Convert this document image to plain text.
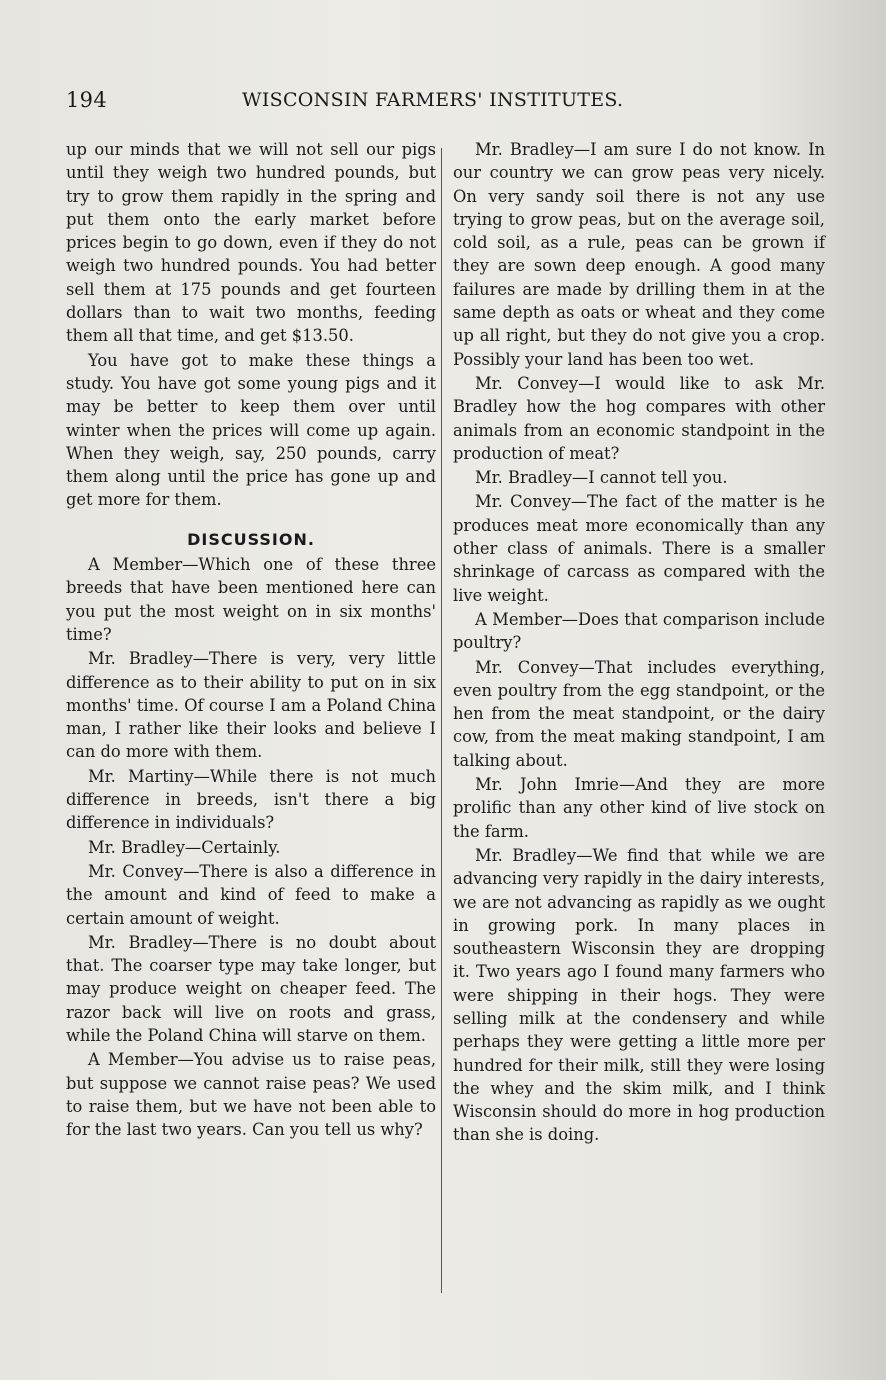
194	WISCONSIN FARMERS' INSTITUTES.

up our minds that we will not sell our pigs until they weigh two hundred pounds, but try to grow them rapidly in the spring and put them onto the early market before prices begin to go down, even if they do not weigh two hundred pounds. You had better sell them at 175 pounds and get fourteen dollars than to wait two months, feeding them all that time, and get $13.50.

You have got to make these things a study. You have got some young pigs and it may be better to keep them over until winter when the prices will come up again. When they weigh, say, 250 pounds, carry them along until the price has gone up and get more for them.

DISCUSSION.

A Member—Which one of these three breeds that have been mentioned here can you put the most weight on in six months' time?

Mr. Bradley—There is very, very little difference as to their ability to put on in six months' time. Of course I am a Poland China man, I rather like their looks and believe I can do more with them.

Mr. Martiny—While there is not much difference in breeds, isn't there a big difference in individuals?

Mr. Bradley—Certainly.

Mr. Convey—There is also a difference in the amount and kind of feed to make a certain amount of weight.

Mr. Bradley—There is no doubt about that. The coarser type may take longer, but may produce weight on cheaper feed. The razor back will live on roots and grass, while the Poland China will starve on them.

A Member—You advise us to raise peas, but suppose we cannot raise peas? We used to raise them, but we have not been able to for the last two years. Can you tell us why?

Mr. Bradley—I am sure I do not know. In our country we can grow peas very nicely. On very sandy soil there is not any use trying to grow peas, but on the average soil, cold soil, as a rule, peas can be grown if they are sown deep enough. A good many failures are made by drilling them in at the same depth as oats or wheat and they come up all right, but they do not give you a crop. Possibly your land has been too wet.

Mr. Convey—I would like to ask Mr. Bradley how the hog compares with other animals from an economic standpoint in the production of meat?

Mr. Bradley—I cannot tell you.

Mr. Convey—The fact of the matter is he produces meat more economically than any other class of animals. There is a smaller shrinkage of carcass as compared with the live weight.

A Member—Does that comparison include poultry?

Mr. Convey—That includes everything, even poultry from the egg standpoint, or the hen from the meat standpoint, or the dairy cow, from the meat making standpoint, I am talking about.

Mr. John Imrie—And they are more prolific than any other kind of live stock on the farm.

Mr. Bradley—We find that while we are advancing very rapidly in the dairy interests, we are not advancing as rapidly as we ought in growing pork. In many places in southeastern Wisconsin they are dropping it. Two years ago I found many farmers who were shipping in their hogs. They were selling milk at the condensery and while perhaps they were getting a little more per hundred for their milk, still they were losing the whey and the skim milk, and I think Wisconsin should do more in hog production than she is doing.
